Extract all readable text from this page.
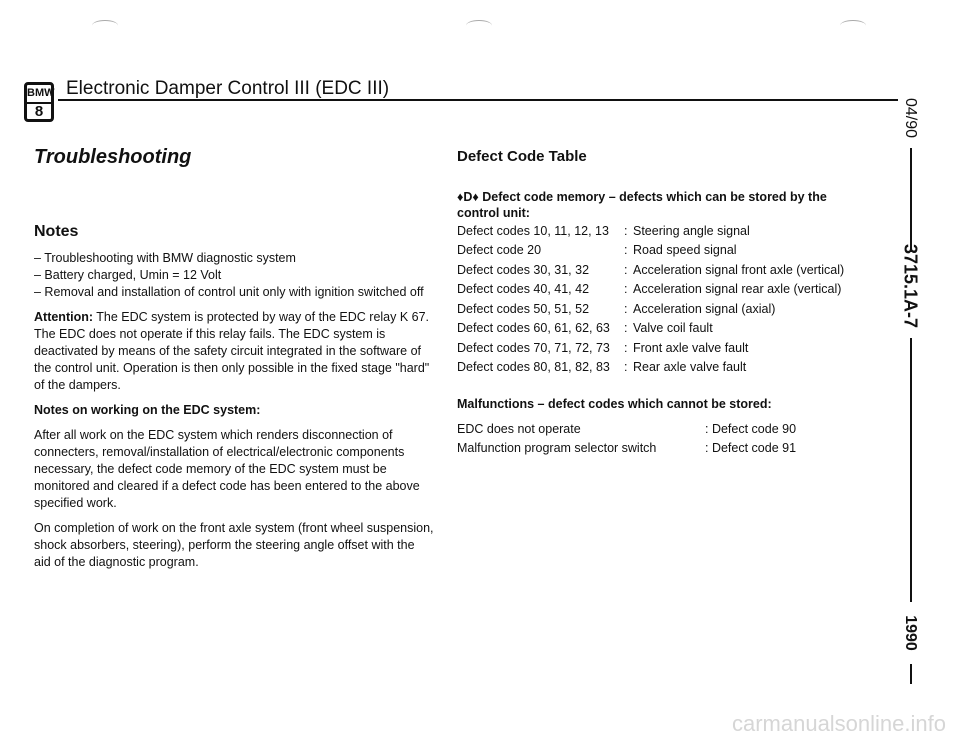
BMW
8
Electronic Damper Control III (EDC III)
04/90
3715.1A-7
1990
Troubleshooting
Notes
– Troubleshooting with BMW diagnostic system
– Battery charged, Umin = 12 Volt
– Removal and installation of control unit only with ignition switched off

Attention: The EDC system is protected by way of the EDC relay K 67. The EDC does not operate if this relay fails. The EDC system is deactivated by means of the safety circuit integrated in the software of the control unit. Operation is then only possible in the fixed stage "hard" of the dampers.

Notes on working on the EDC system:

After all work on the EDC system which renders disconnection of connecters, removal/installation of electrical/electronic components necessary, the defect code memory of the EDC system must be monitored and cleared if a defect code has been entered to the above specified work.

On completion of work on the front axle system (front wheel suspension, shock absorbers, steering), perform the steering angle offset with the aid of the diagnostic program.

Defect Code Table
♦D♦ Defect code memory – defects which can be stored by the control unit:
Defect codes 10, 11, 12, 13 : Steering angle signal
Defect code 20	: Road speed signal
Defect codes 30, 31, 32	: Acceleration signal front axle (vertical)
Defect codes 40, 41, 42	: Acceleration signal rear axle (vertical)
Defect codes 50, 51, 52	: Acceleration signal (axial)
Defect codes 60, 61, 62, 63 : Valve coil fault
Defect codes 70, 71, 72, 73 : Front axle valve fault
Defect codes 80, 81, 82, 83 : Rear axle valve fault
Malfunctions – defect codes which cannot be stored:
EDC does not operate	: Defect code 90
Malfunction program selector switch	: Defect code 91
carmanualsonline.info
